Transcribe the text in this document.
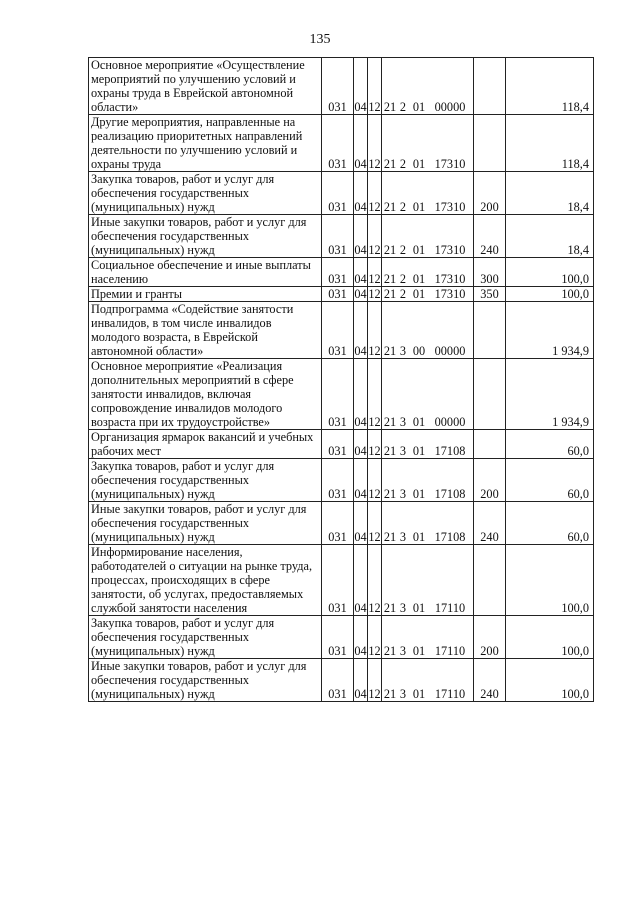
135
Основное мероприятие «Осуществление мероприятий по улучшению условий и охраны труда в Еврейской автономной области»	031	04	12	21 2 01 00000		118,4
Другие мероприятия, направленные на реализацию приоритетных направлений деятельности по улучшению условий и охраны труда	031	04	12	21 2 01 17310		118,4
Закупка товаров, работ и услуг для обеспечения государственных (муниципальных) нужд	031	04	12	21 2 01 17310	200	18,4
Иные закупки товаров, работ и услуг для обеспечения государственных (муниципальных) нужд	031	04	12	21 2 01 17310	240	18,4
Социальное обеспечение и иные выплаты населению	031	04	12	21 2 01 17310	300	100,0
Премии и гранты	031	04	12	21 2 01 17310	350	100,0
Подпрограмма «Содействие занятости инвалидов, в том числе инвалидов молодого возраста, в Еврейской автономной области»	031	04	12	21 3 00 00000		1 934,9
Основное мероприятие «Реализация дополнительных мероприятий в сфере занятости инвалидов, включая сопровождение инвалидов молодого возраста при их трудоустройстве»	031	04	12	21 3 01 00000		1 934,9
Организация ярмарок вакансий и учебных рабочих мест	031	04	12	21 3 01 17108		60,0
Закупка товаров, работ и услуг для обеспечения государственных (муниципальных) нужд	031	04	12	21 3 01 17108	200	60,0
Иные закупки товаров, работ и услуг для обеспечения государственных (муниципальных) нужд	031	04	12	21 3 01 17108	240	60,0
Информирование населения, работодателей о ситуации на рынке труда, процессах, происходящих в сфере занятости, об услугах, предоставляемых службой занятости населения	031	04	12	21 3 01 17110		100,0
Закупка товаров, работ и услуг для обеспечения государственных (муниципальных) нужд	031	04	12	21 3 01 17110	200	100,0
Иные закупки товаров, работ и услуг для обеспечения государственных (муниципальных) нужд	031	04	12	21 3 01 17110	240	100,0
